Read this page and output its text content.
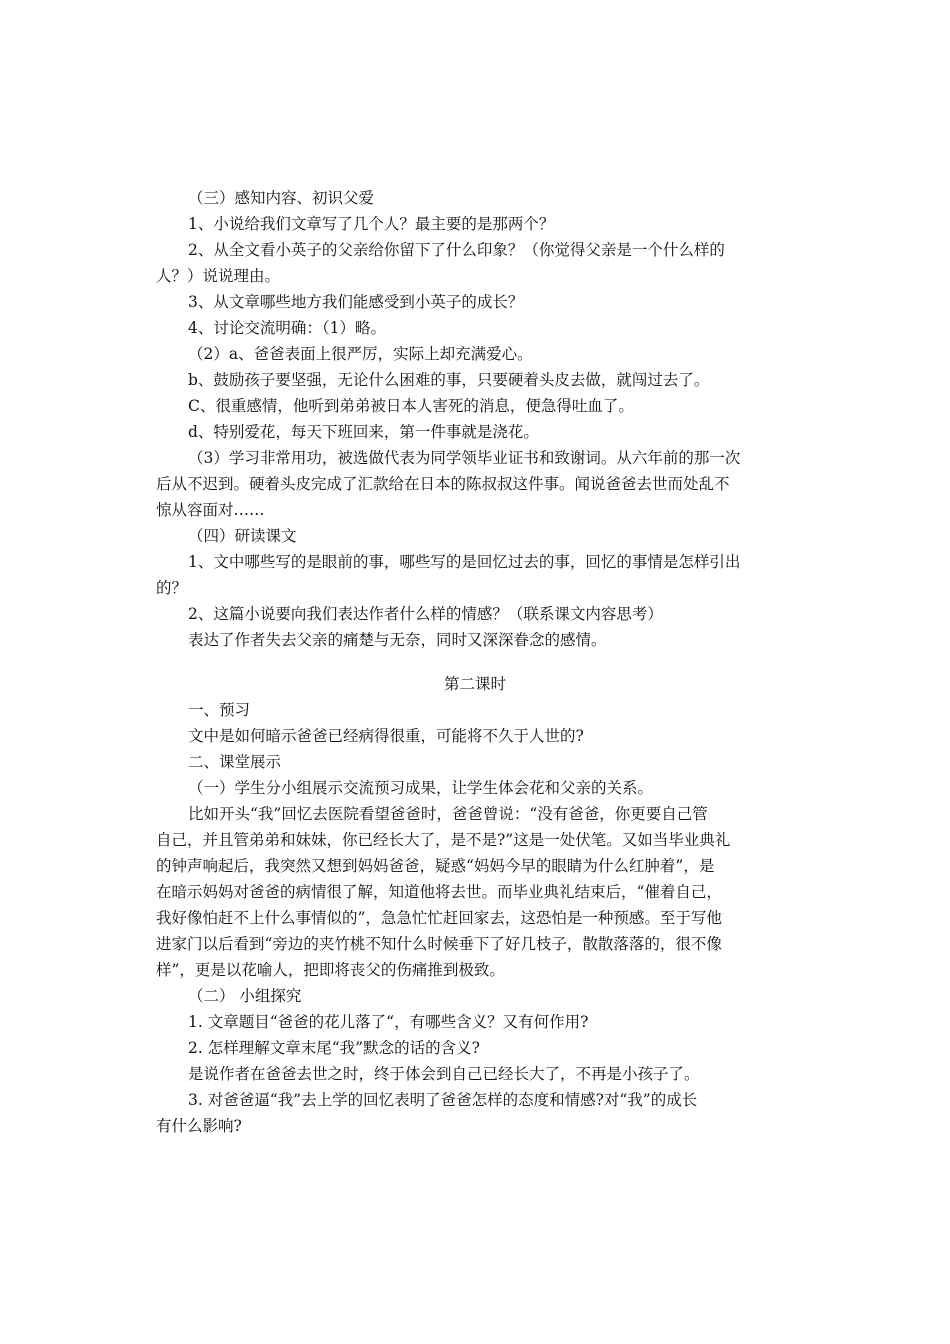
（三）感知内容、初识父爱
1、小说给我们文章写了几个人？最主要的是那两个？
2、从全文看小英子的父亲给你留下了什么印象？（你觉得父亲是一个什么样的
人？）说说理由。
3、从文章哪些地方我们能感受到小英子的成长？
4、讨论交流明确：（1）略。
（2）a、爸爸表面上很严厉，实际上却充满爱心。
b、鼓励孩子要坚强，无论什么困难的事，只要硬着头皮去做，就闯过去了。
C、很重感情，他听到弟弟被日本人害死的消息，便急得吐血了。
d、特别爱花，每天下班回来，第一件事就是浇花。
（3）学习非常用功，被选做代表为同学领毕业证书和致谢词。从六年前的那一次
后从不迟到。硬着头皮完成了汇款给在日本的陈叔叔这件事。闻说爸爸去世而处乱不
惊从容面对……
（四）研读课文
1、文中哪些写的是眼前的事，哪些写的是回忆过去的事，回忆的事情是怎样引出
的？
2、这篇小说要向我们表达作者什么样的情感？（联系课文内容思考）
表达了作者失去父亲的痛楚与无奈，同时又深深眷念的感情。
第二课时
一、预习
文中是如何暗示爸爸已经病得很重，可能将不久于人世的?
二、课堂展示
（一）学生分小组展示交流预习成果，让学生体会花和父亲的关系。
比如开头“我”回忆去医院看望爸爸时，爸爸曾说：“没有爸爸，你更要自己管
自己，并且管弟弟和妹妹，你已经长大了，是不是?”这是一处伏笔。又如当毕业典礼
的钟声响起后，我突然又想到妈妈爸爸，疑惑“妈妈今早的眼睛为什么红肿着”，是
在暗示妈妈对爸爸的病情很了解，知道他将去世。而毕业典礼结束后，“催着自己，
我好像怕赶不上什么事情似的”，急急忙忙赶回家去，这恐怕是一种预感。至于写他
进家门以后看到“旁边的夹竹桃不知什么时候垂下了好几枝子，散散落落的，很不像
样”，更是以花喻人，把即将丧父的伤痛推到极致。
（二） 小组探究
1. 文章题目“爸爸的花儿落了“，有哪些含义？又有何作用?
2. 怎样理解文章末尾“我”默念的话的含义?
是说作者在爸爸去世之时，终于体会到自己已经长大了，不再是小孩子了。
3. 对爸爸逼“我”去上学的回忆表明了爸爸怎样的态度和情感?对“我”的成长
有什么影响?
